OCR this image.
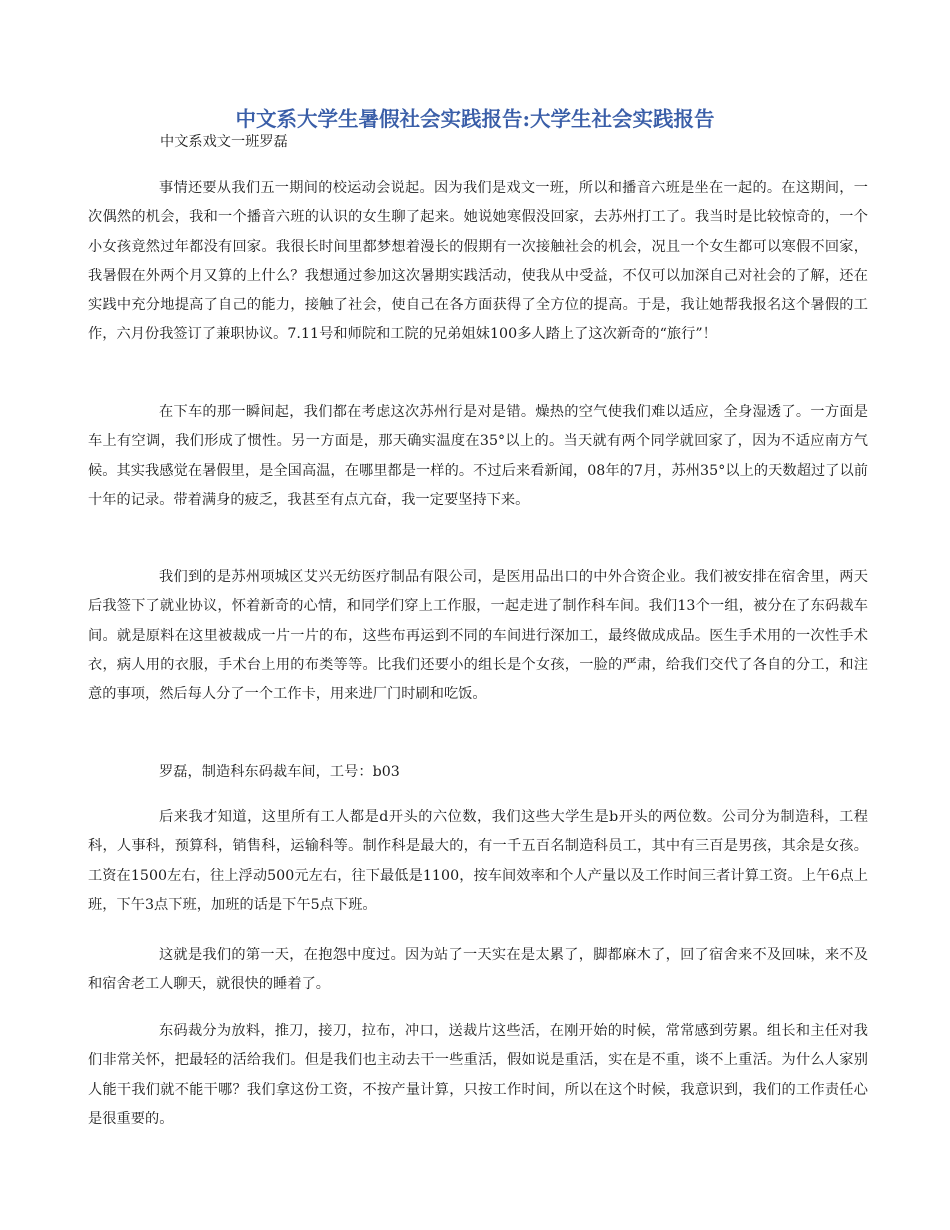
中文系大学生暑假社会实践报告:大学生社会实践报告

中文系戏文一班罗磊

事情还要从我们五一期间的校运动会说起。因为我们是戏文一班，所以和播音六班是坐在一起的。在这期间，一次偶然的机会，我和一个播音六班的认识的女生聊了起来。她说她寒假没回家，去苏州打工了。我当时是比较惊奇的，一个小女孩竟然过年都没有回家。我很长时间里都梦想着漫长的假期有一次接触社会的机会，况且一个女生都可以寒假不回家，我暑假在外两个月又算的上什么？我想通过参加这次暑期实践活动，使我从中受益，不仅可以加深自己对社会的了解，还在实践中充分地提高了自己的能力，接触了社会，使自己在各方面获得了全方位的提高。于是，我让她帮我报名这个暑假的工作，六月份我签订了兼职协议。7.11号和师院和工院的兄弟姐妹100多人踏上了这次新奇的“旅行”！

在下车的那一瞬间起，我们都在考虑这次苏州行是对是错。燥热的空气使我们难以适应，全身湿透了。一方面是车上有空调，我们形成了惯性。另一方面是，那天确实温度在35°以上的。当天就有两个同学就回家了，因为不适应南方气候。其实我感觉在暑假里，是全国高温，在哪里都是一样的。不过后来看新闻，08年的7月，苏州35°以上的天数超过了以前十年的记录。带着满身的疲乏，我甚至有点亢奋，我一定要坚持下来。

我们到的是苏州项城区艾兴无纺医疗制品有限公司，是医用品出口的中外合资企业。我们被安排在宿舍里，两天后我签下了就业协议，怀着新奇的心情，和同学们穿上工作服，一起走进了制作科车间。我们13个一组，被分在了东码裁车间。就是原料在这里被裁成一片一片的布，这些布再运到不同的车间进行深加工，最终做成成品。医生手术用的一次性手术衣，病人用的衣服，手术台上用的布类等等。比我们还要小的组长是个女孩，一脸的严肃，给我们交代了各自的分工，和注意的事项，然后每人分了一个工作卡，用来进厂门时刷和吃饭。

罗磊，制造科东码裁车间，工号：b03

后来我才知道，这里所有工人都是d开头的六位数，我们这些大学生是b开头的两位数。公司分为制造科，工程科，人事科，预算科，销售科，运输科等。制作科是最大的，有一千五百名制造科员工，其中有三百是男孩，其余是女孩。工资在1500左右，往上浮动500元左右，往下最低是1100，按车间效率和个人产量以及工作时间三者计算工资。上午6点上班，下午3点下班，加班的话是下午5点下班。

这就是我们的第一天，在抱怨中度过。因为站了一天实在是太累了，脚都麻木了，回了宿舍来不及回味，来不及和宿舍老工人聊天，就很快的睡着了。

东码裁分为放料，推刀，接刀，拉布，冲口，送裁片这些活，在刚开始的时候，常常感到劳累。组长和主任对我们非常关怀，把最轻的活给我们。但是我们也主动去干一些重活，假如说是重活，实在是不重，谈不上重活。为什么人家别人能干我们就不能干哪？我们拿这份工资，不按产量计算，只按工作时间，所以在这个时候，我意识到，我们的工作责任心是很重要的。
